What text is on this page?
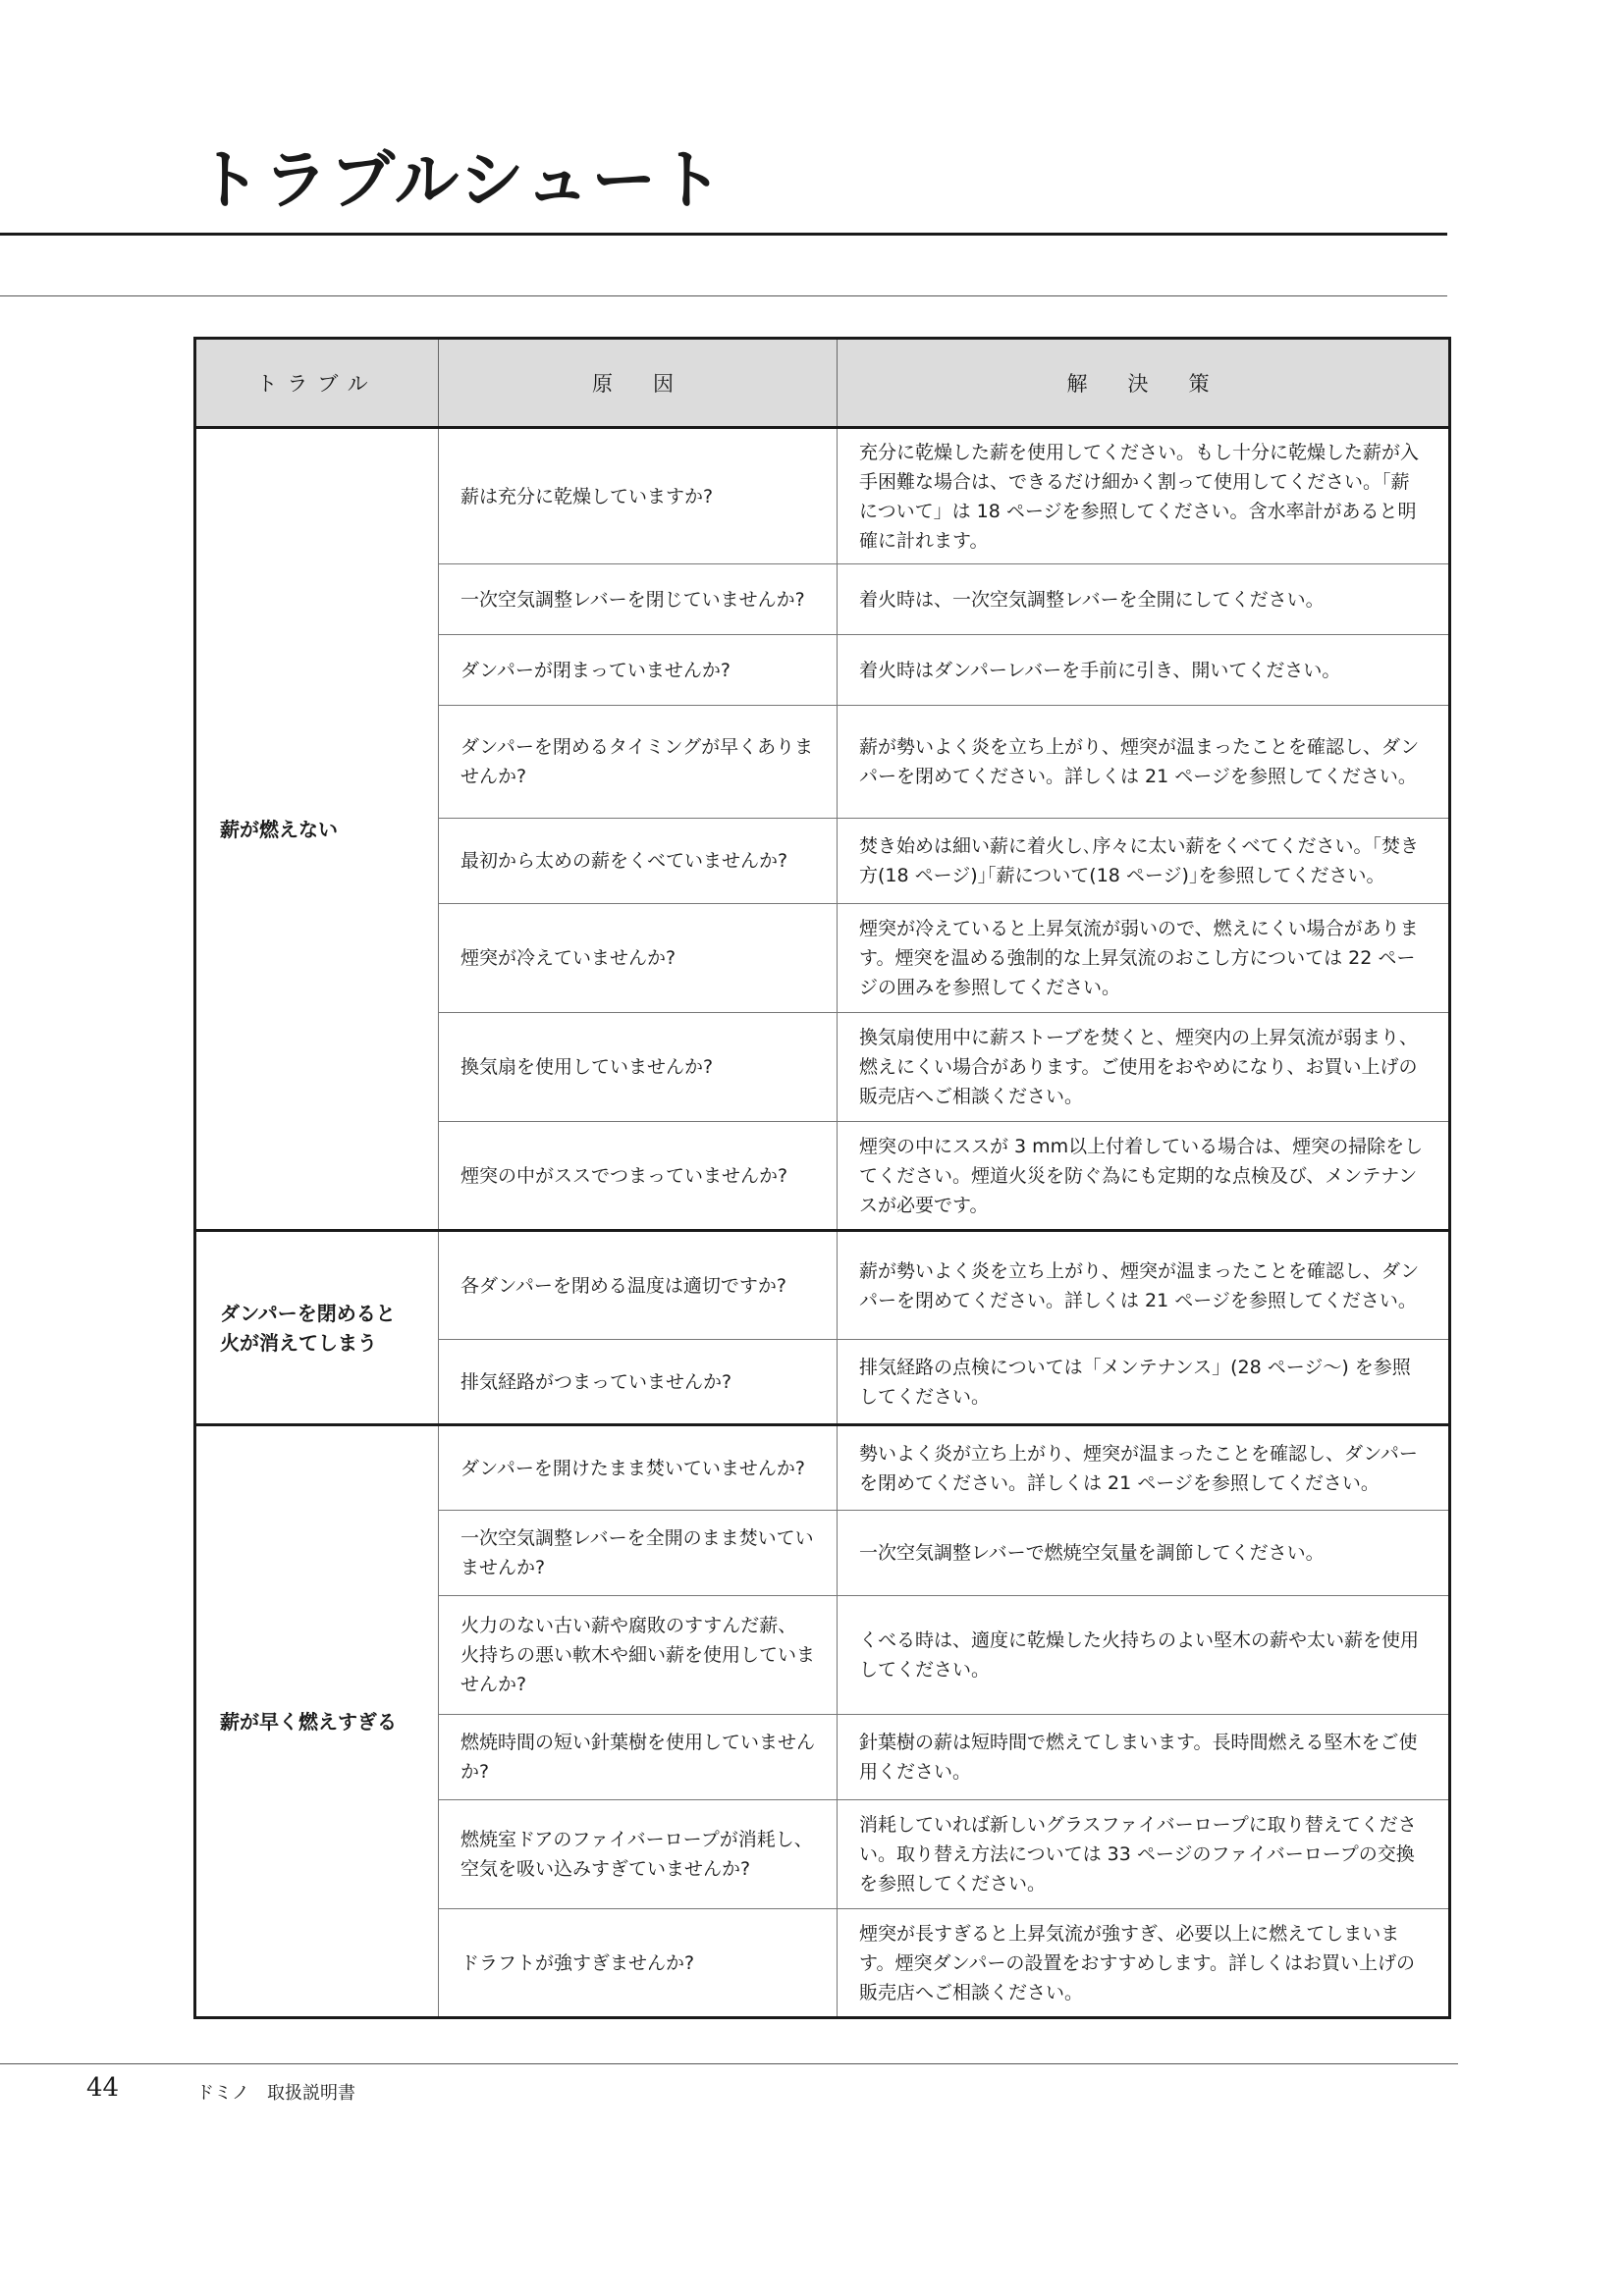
トラブルシュート
トラブル	原　因	解　決　策
薪が燃えない	薪は充分に乾燥していますか?	充分に乾燥した薪を使用してください。もし十分に乾燥した薪が入手困難な場合は、できるだけ細かく割って使用してください。「薪について」は 18 ページを参照してください。含水率計があると明確に計れます。
	一次空気調整レバーを閉じていませんか?	着火時は、一次空気調整レバーを全開にしてください。
	ダンパーが閉まっていませんか?	着火時はダンパーレバーを手前に引き、開いてください。
	ダンパーを閉めるタイミングが早くありませんか?	薪が勢いよく炎を立ち上がり、煙突が温まったことを確認し、ダンパーを閉めてください。詳しくは 21 ページを参照してください。
	最初から太めの薪をくべていませんか?	焚き始めは細い薪に着火し､序々に太い薪をくべてください。｢焚き方(18 ページ)｣｢薪について(18 ページ)｣を参照してください。
	煙突が冷えていませんか?	煙突が冷えていると上昇気流が弱いので、燃えにくい場合があります。煙突を温める強制的な上昇気流のおこし方については 22 ページの囲みを参照してください。
	換気扇を使用していませんか?	換気扇使用中に薪ストーブを焚くと、煙突内の上昇気流が弱まり、燃えにくい場合があります。ご使用をおやめになり、お買い上げの販売店へご相談ください。
	煙突の中がススでつまっていませんか?	煙突の中にススが 3 mm以上付着している場合は、煙突の掃除をしてください。煙道火災を防ぐ為にも定期的な点検及び、メンテナンスが必要です。
ダンパーを閉めると火が消えてしまう	各ダンパーを閉める温度は適切ですか?	薪が勢いよく炎を立ち上がり、煙突が温まったことを確認し、ダンパーを閉めてください。詳しくは 21 ページを参照してください。
	排気経路がつまっていませんか?	排気経路の点検については「メンテナンス」(28 ページ〜) を参照してください。
薪が早く燃えすぎる	ダンパーを開けたまま焚いていませんか?	勢いよく炎が立ち上がり、煙突が温まったことを確認し、ダンパーを閉めてください。詳しくは 21 ページを参照してください。
	一次空気調整レバーを全開のまま焚いていませんか?	一次空気調整レバーで燃焼空気量を調節してください。
	火力のない古い薪や腐敗のすすんだ薪、火持ちの悪い軟木や細い薪を使用していませんか?	くべる時は、適度に乾燥した火持ちのよい堅木の薪や太い薪を使用してください。
	燃焼時間の短い針葉樹を使用していませんか?	針葉樹の薪は短時間で燃えてしまいます。長時間燃える堅木をご使用ください。
	燃焼室ドアのファイバーロープが消耗し、空気を吸い込みすぎていませんか?	消耗していれば新しいグラスファイバーロープに取り替えてください。取り替え方法については 33 ページのファイバーロープの交換を参照してください。
	ドラフトが強すぎませんか?	煙突が長すぎると上昇気流が強すぎ、必要以上に燃えてしまいます。煙突ダンパーの設置をおすすめします。詳しくはお買い上げの販売店へご相談ください。
44	ドミノ　取扱説明書
